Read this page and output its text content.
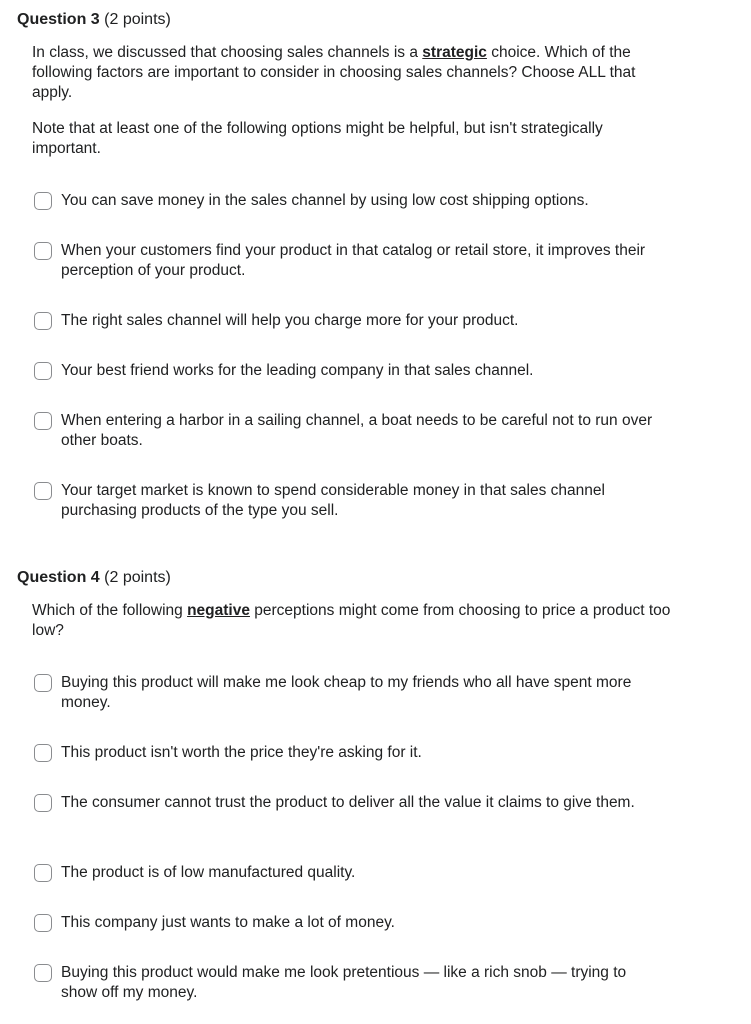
Question 3 (2 points)

In class, we discussed that choosing sales channels is a strategic choice. Which of the following factors are important to consider in choosing sales channels? Choose ALL that apply.

Note that at least one of the following options might be helpful, but isn't strategically important.

You can save money in the sales channel by using low cost shipping options.
When your customers find your product in that catalog or retail store, it improves their perception of your product.
The right sales channel will help you charge more for your product.
Your best friend works for the leading company in that sales channel.
When entering a harbor in a sailing channel, a boat needs to be careful not to run over other boats.
Your target market is known to spend considerable money in that sales channel purchasing products of the type you sell.
Question 4 (2 points)

Which of the following negative perceptions might come from choosing to price a product too low?

Buying this product will make me look cheap to my friends who all have spent more money.
This product isn't worth the price they're asking for it.
The consumer cannot trust the product to deliver all the value it claims to give them.
The product is of low manufactured quality.
This company just wants to make a lot of money.
Buying this product would make me look pretentious — like a rich snob — trying to show off my money.
